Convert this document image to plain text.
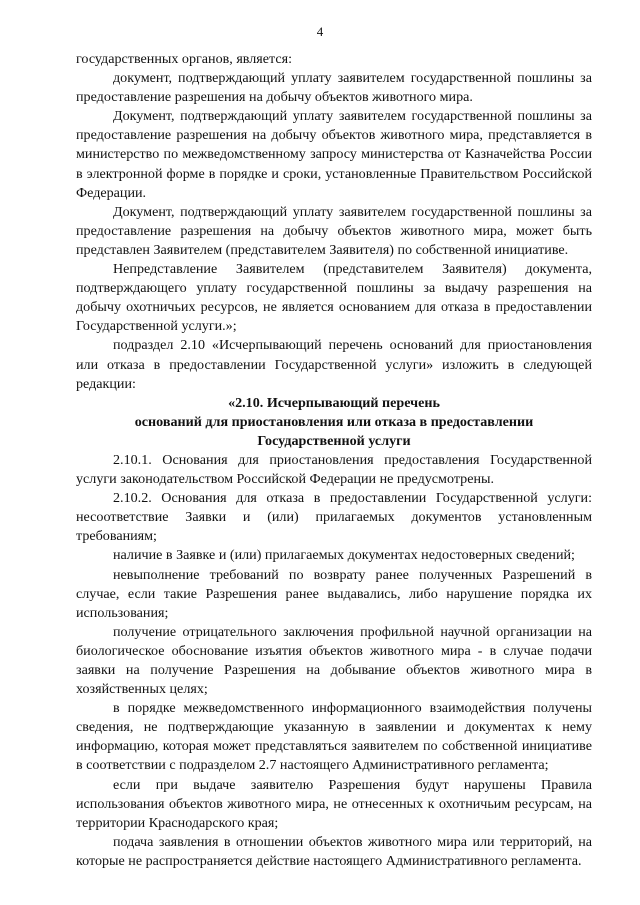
4

государственных органов, является:

документ, подтверждающий уплату заявителем государственной пошлины за предоставление разрешения на добычу объектов животного мира.

Документ, подтверждающий уплату заявителем государственной пошлины за предоставление разрешения на добычу объектов животного мира, представляется в министерство по межведомственному запросу министерства от Казначейства России в электронной форме в порядке и сроки, установленные Правительством Российской Федерации.

Документ, подтверждающий уплату заявителем государственной пошлины за предоставление разрешения на добычу объектов животного мира, может быть представлен Заявителем (представителем Заявителя) по собственной инициативе.

Непредставление Заявителем (представителем Заявителя) документа, подтверждающего уплату государственной пошлины за выдачу разрешения на добычу охотничьих ресурсов, не является основанием для отказа в предоставлении Государственной услуги.»;

подраздел 2.10 «Исчерпывающий перечень оснований для приостановления или отказа в предоставлении Государственной услуги» изложить в следующей редакции:

«2.10. Исчерпывающий перечень

оснований для приостановления или отказа в предоставлении

Государственной услуги

2.10.1. Основания для приостановления предоставления Государственной услуги законодательством Российской Федерации не предусмотрены.

2.10.2. Основания для отказа в предоставлении Государственной услуги: несоответствие Заявки и (или) прилагаемых документов установленным требованиям;

наличие в Заявке и (или) прилагаемых документах недостоверных сведений;

невыполнение требований по возврату ранее полученных Разрешений в случае, если такие Разрешения ранее выдавались, либо нарушение порядка их использования;

получение отрицательного заключения профильной научной организации на биологическое обоснование изъятия объектов животного мира - в случае подачи заявки на получение Разрешения на добывание объектов животного мира в хозяйственных целях;

в порядке межведомственного информационного взаимодействия получены сведения, не подтверждающие указанную в заявлении и документах к нему информацию, которая может представляться заявителем по собственной инициативе в соответствии с подразделом 2.7 настоящего Административного регламента;

если при выдаче заявителю Разрешения будут нарушены Правила использования объектов животного мира, не отнесенных к охотничьим ресурсам, на территории Краснодарского края;

подача заявления в отношении объектов животного мира или территорий, на которые не распространяется действие настоящего Административного регламента.
